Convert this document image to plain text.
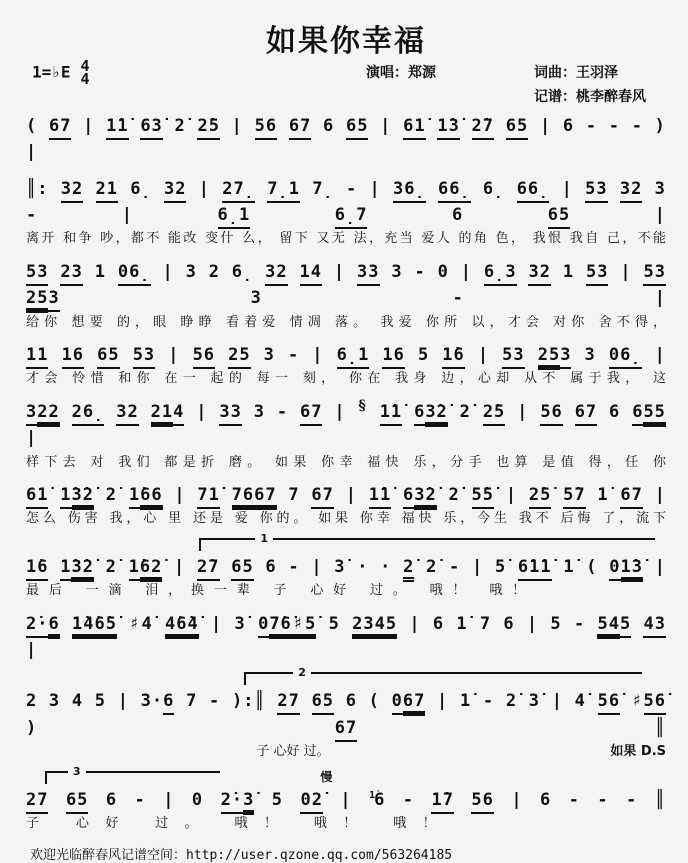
如果你幸福
1=♭E 4
4	演唱：郑源	词曲：王羽泽
记谱：桃李醉春风
( 67 | 1̇1̇ 63̇ 2̇ 2̇5 | 56 67 6 65 | 61̇ 1̇3̇ 2̇7 65 | 6 - - - ) |
║: 32 21 6̣ 32 | 27̣ 7̣1 7̣ - | 36̣ 66̣ 6̣ 66̣ | 53 32 3 - | 6̣1	6̣7 6 65 |
离开 和争 吵，都不 能改 变什 么， 留下 又无 法，充当 爱人 的角 色， 我恨 我自 己，不能
53 23 1 06̣ | 3 2 6̣ 32 14 | 33 3 - 0 | 6̣3 32 1 53 | 53 253 3 - |
给你 想要 的，眼 睁睁 看着爱 情凋 落。 我爱 你所 以，才会 对你 舍不得，
11 16 65 53 | 56 25 3 - | 6̣1 16 5 1̇6 | 53 253 3 06̣ |
才会 怜惜 和你 在一 起的 每一 刻， 你在 我身 边，心却 从不 属于我， 这
322 26̣ 32 214 | 33 3 - 67 | § 1̇1̇ 63̇2̇ 2̇ 2̇5 | 56 67 6 655 |
样下去 对 我们 都是折 磨。 如果 你幸 福快 乐，分手 也算 是值 得，任 你
61̇ 1̇3̇2̇ 2̇ 1̇66 | 71̇ 7667 7 67 | 1̇1̇ 63̇2̇ 2̇ 5̇5̇ | 2̇5̇ 5̇7 1̇ 67 |
怎么 伤害 我，心 里 还是 爱 你的。 如果 你幸 福快 乐，今生 我不 后悔 了，流下
1
1̇6 1̇3̇2̇ 2̇ 1̇62̇ | 2̇7 65 6 - | 3̇ · · 2̇ 2̇ - | 5̇ 6̇1̇1̇ 1̇ ( 01̇3̇ |
最后 一滴 泪，换一辈 子 心好 过。 哦！ 哦！
2̇·6 1̇4̇6̇5̇ ♯4̇ 4̇6̇4̇ | 3̇ 07̇6̇♯5̇ 5 2345 | 6 1̇ 7 6 | 5 - 545 43 |
2
2 3 4 5 | 3·6 7 - ):║ 27 65 6 ( 067 | 1̇ - 2̇ 3̇ | 4̇ 56̇ ♯56̇ ) 67 ║
子 心好 过。	如果 D.S
3	慢
27 65 6 - | 0 2̇·3̇ 5 02̇ | $^{1̇}$6 - 1̇7 56 | 6 - - - ║
子 心好 过。 哦！ 哦！ 哦！
欢迎光临醉春风记谱空间：http://user.qzone.qq.com/563264185
